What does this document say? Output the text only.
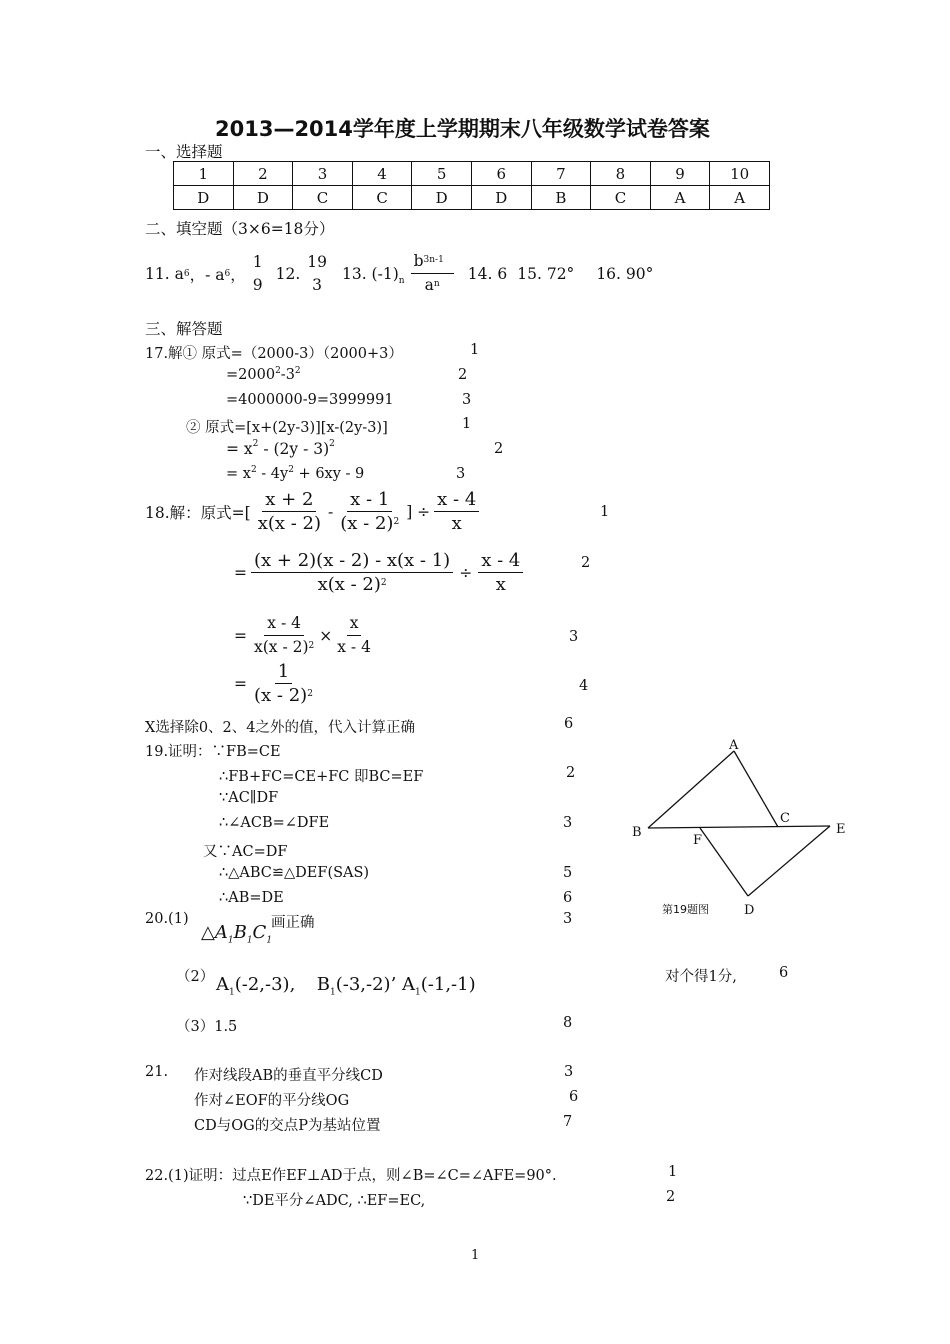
2013—2014学年度上学期期末八年级数学试卷答案
一、选择题
1	2	3	4	5	6	7	8	9	10
D	D	C	C	D	D	B	C	A	A
二、填空题（3×6=18分）
11. a 6 ，- a 6 ，
1
9
12.
19
3
13. $(-1)_n \frac{b^{3n-1}}{a^n} 14$. 6 15. 72° 16. 90°
三、解答题
17.解① 原式=（2000-3）（2000+3）	1
$=2000^2-3^2$	2
=4000000-9=3999991	3
② 原式=[x+(2y-3)][x-(2y-3)]	1
= $x^2 - (2y - 3)^2$	2
= $x^2 - 4y^2 + 6xy - 9$	3
18.解：原式=[ $\frac{x + 2}{x(x - 2)} - \frac{x - 1}{(x - 2)^2}$ ] ÷ $\frac{x - 4}{x}$	1
= $\frac{(x + 2)(x - 2) - x(x - 1)}{x(x - 2)^2} \div \frac{x - 4}{x}$	2
= $\frac{x - 4}{x(x - 2)^2} \times \frac{x}{x - 4}$	3
= $\frac{1}{(x - 2)^2}$	4
X选择除0、2、4之外的值，代入计算正确	6
19.证明：∵FB=CE
∴FB+FC=CE+FC 即BC=EF	2
∵AC∥DF
∴∠ACB=∠DFE	3
又∵AC=DF
∴△ABC≌△DEF(SAS)	5
∴AB=DE	6
A
B
C
D
E
F
第19题图
20.(1)
$\triangle A_1B_1C_1$
画正确	3
（2） $A_1(-2,-3)$, $B_1(-3,-2)$’ $A_1(-1,-1)$	对个得1分,	6
（3）1.5	8
21. 作对线段AB的垂直平分线CD	3
作对∠EOF的平分线OG	6
CD与OG的交点P为基站位置	7
22.(1)证明：过点E作EF⊥AD于点，则∠B=∠C=∠AFE=90°.	1
∵DE平分∠ADC, ∴EF=EC,	2
1
